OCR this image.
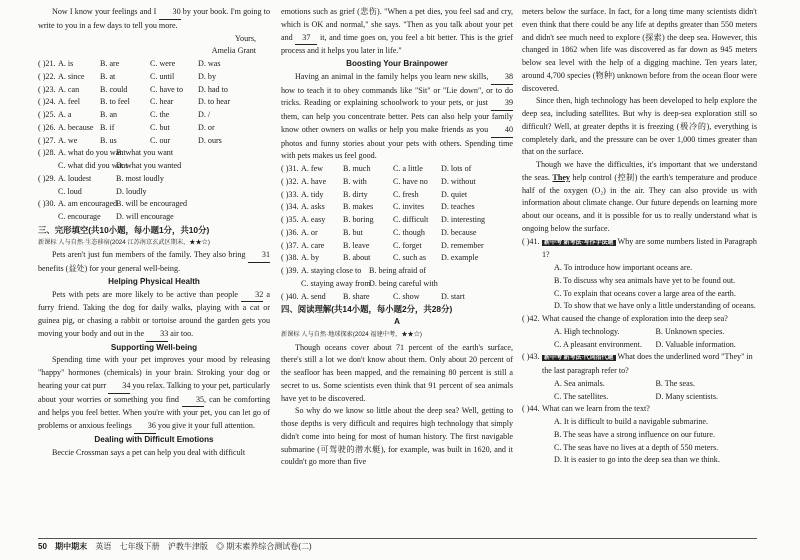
Now I know your feelings and I 30 by your book. I'm going to write to you in a few days to tell you more.

Yours,

Amelia Grant

( )21. A. is	B. are	C. were	D. was
( )22. A. since	B. at	C. until	D. by
( )23. A. can	B. could	C. have to	D. had to
( )24. A. feel	B. to feel	C. hear	D. to hear
( )25. A. a	B. an	C. the	D. /
( )26. A. because B. if	C. but	D. or
( )27. A. we	B. us	C. our	D. ours
( )28. A. what do you want
B. what you want
C. what did you want
D. what you wanted
( )29. A. loudest	B. most loudly
C. loud	D. loudly
( )30. A. am encouraged
B. will be encouraged
C. encourage	D. will encourage

三、完形填空(共10小题，每小题1分，共10分)

新课标 人与自然·生态移宿(2024 江苏南京玄武区期末，★★☆)

Pets aren't just fun members of the family. They also bring 31 benefits (益处) for your general well-being.

Helping Physical Health

Pets with pets are more likely to be active than people 32 a furry friend. Taking the dog for daily walks, playing with a cat or guinea pig, or chasing a rabbit or tortoise around the garden gets you moving your body and out in the 33 air too.

Supporting Well-being

Spending time with your pet improves your mood by releasing "happy" hormones (chemicals) in your brain. Stroking your dog or hearing your cat purr 34 you relax. Talking to your pet, particularly about your worries or something you find 35, can be comforting and helps you feel better. When you're with your pet, you can let go of problems or anxious feelings 36 you give it your full attention.

Dealing with Difficult Emotions

Beccie Crossman says a pet can help you deal with difficult

emotions such as grief (悲伤). "When a pet dies, you feel sad and cry, which is OK and normal," she says. "Then as you talk about your pet and 37 it, and time goes on, you feel a bit better. This is the grief process and it helps you later in life."

Boosting Your Brainpower

Having an animal in the family helps you learn new skills, 38 how to teach it to obey commands like "Sit" or "Lie down", or to do tricks. Reading or explaining schoolwork to your pets, or just 39 them, can help you concentrate better. Pets can also help your family know other owners on walks or help you make friends as you 40 photos and funny stories about your pets with others. Spending time with pets makes us feel good.

( )31. A. few	B. much	C. a little	D. lots of
( )32. A. have	B. with	C. have no	D. without
( )33. A. tidy	B. dirty	C. fresh	D. quiet
( )34. A. asks	B. makes	C. invites	D. teaches
( )35. A. easy	B. boring	C. difficult	D. interesting
( )36. A. or	B. but	C. though	D. because
( )37. A. care	B. leave	C. forget	D. remember
( )38. A. by	B. about	C. such as	D. example
( )39. A. staying close to B. being afraid of
C. staying away from
D. being careful with
( )40. A. send	B. share	C. show	D. start

四、阅读理解(共14小题，每小题2分，共28分)

A

新课标 人与自然·地球探索(2024 福建中考，★★☆)

Though oceans cover about 71 percent of the earth's surface, there's still a lot we don't know about them. Only about 20 percent of the seafloor has been mapped, and the remaining 80 percent is still a secret to us. Some scientists even think that 91 percent of sea animals have yet to be discovered.

So why do we know so little about the deep sea? Well, getting to those depths is very difficult and requires high technology that simply didn't come into being for most of human history. The first navigable submarine (可驾驶的潜水艇), for example, was built in 1620, and it couldn't go more than five

meters below the surface. In fact, for a long time many scientists didn't even think that there could be any life at depths greater than 550 meters and didn't see much need to explore (探索) the deep sea. However, this changed in 1862 when life was discovered as far down as 945 meters below sea level with the help of a digging machine. Ten years later, around 4,700 species (物种) unknown before from the ocean floor were discovered.

Since then, high technology has been developed to help explore the deep sea, including satellites. But why is deep-sea exploration still so difficult? Well, at greater depths it is freezing (极冷的), everything is completely dark, and the pressure can be over 1,000 times greater than that on the surface.

Though we have the difficulties, it's important that we understand the seas. They help control (控制) the earth's temperature and produce half of the oxygen (O₂) in the air. They can also provide us with information about climate change. Our future depends on learning more about our oceans, and it is possible for us to really understand what is ongoing below the surface.

( )41. 新中考 新考法·写作手法题 Why are some numbers listed in Paragraph 1?
A. To introduce how important oceans are.
B. To discuss why sea animals have yet to be found out.
C. To explain that oceans cover a large area of the earth.
D. To show that we have only a little understanding of oceans.
( )42. What caused the change of exploration into the deep sea?
A. High technology.	B. Unknown species.
C. A pleasant environment.	D. Valuable information.
( )43. 新中考 新考法·代词指代题 What does the underlined word "They" in the last paragraph refer to?
A. Sea animals.	B. The seas.
C. The satellites.	D. Many scientists.
( )44. What can we learn from the text?
A. It is difficult to build a navigable submarine.
B. The seas have a strong influence on our future.
C. The seas have no lives at a depth of 550 meters.
D. It is easier to go into the deep sea than we think.
50 期中期末 英语 七年级下册 沪教牛津版 ◎ 期末素养综合测试卷(二)
